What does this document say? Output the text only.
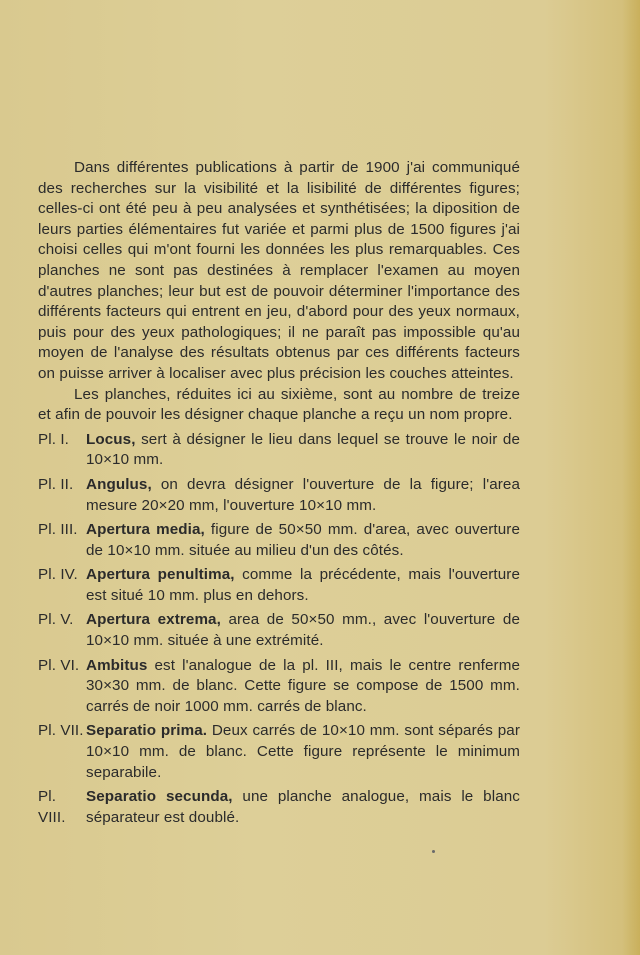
Dans différentes publications à partir de 1900 j'ai communiqué des recherches sur la visibilité et la lisibilité de différentes figures; celles-ci ont été peu à peu analysées et synthétisées; la diposition de leurs parties élémentaires fut variée et parmi plus de 1500 figures j'ai choisi celles qui m'ont fourni les données les plus remarquables. Ces planches ne sont pas destinées à remplacer l'examen au moyen d'autres planches; leur but est de pouvoir déterminer l'importance des différents facteurs qui entrent en jeu, d'abord pour des yeux normaux, puis pour des yeux pathologiques; il ne paraît pas impossible qu'au moyen de l'analyse des résultats obtenus par ces différents facteurs on puisse arriver à localiser avec plus précision les couches atteintes.

Les planches, réduites ici au sixième, sont au nombre de treize et afin de pouvoir les désigner chaque planche a reçu un nom propre.

Pl. I.	Locus, sert à désigner le lieu dans lequel se trouve le noir de 10×10 mm.
Pl. II. Angulus, on devra désigner l'ouverture de la figure; l'area mesure 20×20 mm, l'ouverture 10×10 mm.
Pl. III. Apertura media, figure de 50×50 mm. d'area, avec ouverture de 10×10 mm. située au milieu d'un des côtés.
Pl. IV. Apertura penultima, comme la précédente, mais l'ouverture est situé 10 mm. plus en dehors.
Pl. V. Apertura extrema, area de 50×50 mm., avec l'ouverture de 10×10 mm. située à une extrémité.
Pl. VI. Ambitus est l'analogue de la pl. III, mais le centre renferme 30×30 mm. de blanc. Cette figure se compose de 1500 mm. carrés de noir 1000 mm. carrés de blanc.
Pl. VII. Separatio prima. Deux carrés de 10×10 mm. sont séparés par 10×10 mm. de blanc. Cette figure représente le minimum separabile.
Pl. VIII.
Separatio secunda, une planche analogue, mais le blanc séparateur est doublé.
